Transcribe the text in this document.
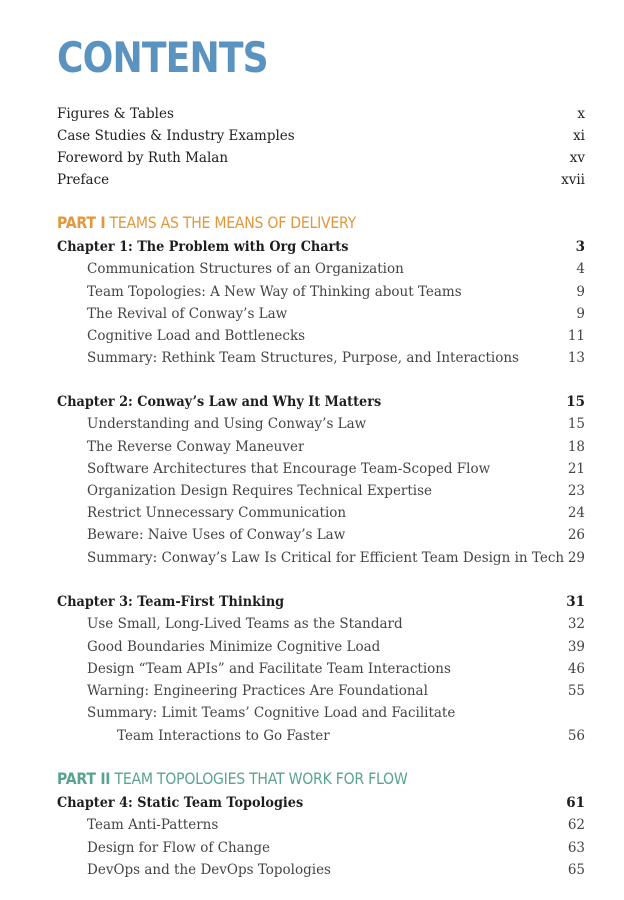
CONTENTS
Figures & Tables	x
Case Studies & Industry Examples	xi
Foreword by Ruth Malan	xv
Preface	xvii
PART I TEAMS AS THE MEANS OF DELIVERY
Chapter 1: The Problem with Org Charts	3
Communication Structures of an Organization	4
Team Topologies: A New Way of Thinking about Teams	9
The Revival of Conway’s Law	9
Cognitive Load and Bottlenecks	11
Summary: Rethink Team Structures, Purpose, and Interactions	13
Chapter 2: Conway’s Law and Why It Matters	15
Understanding and Using Conway’s Law	15
The Reverse Conway Maneuver	18
Software Architectures that Encourage Team-Scoped Flow	21
Organization Design Requires Technical Expertise	23
Restrict Unnecessary Communication	24
Beware: Naive Uses of Conway’s Law	26
Summary: Conway’s Law Is Critical for Efficient Team Design in Tech 29
Chapter 3: Team-First Thinking	31
Use Small, Long-Lived Teams as the Standard	32
Good Boundaries Minimize Cognitive Load	39
Design “Team APIs” and Facilitate Team Interactions	46
Warning: Engineering Practices Are Foundational	55
Summary: Limit Teams’ Cognitive Load and Facilitate
Team Interactions to Go Faster	56
PART II TEAM TOPOLOGIES THAT WORK FOR FLOW
Chapter 4: Static Team Topologies	61
Team Anti-Patterns	62
Design for Flow of Change	63
DevOps and the DevOps Topologies	65
